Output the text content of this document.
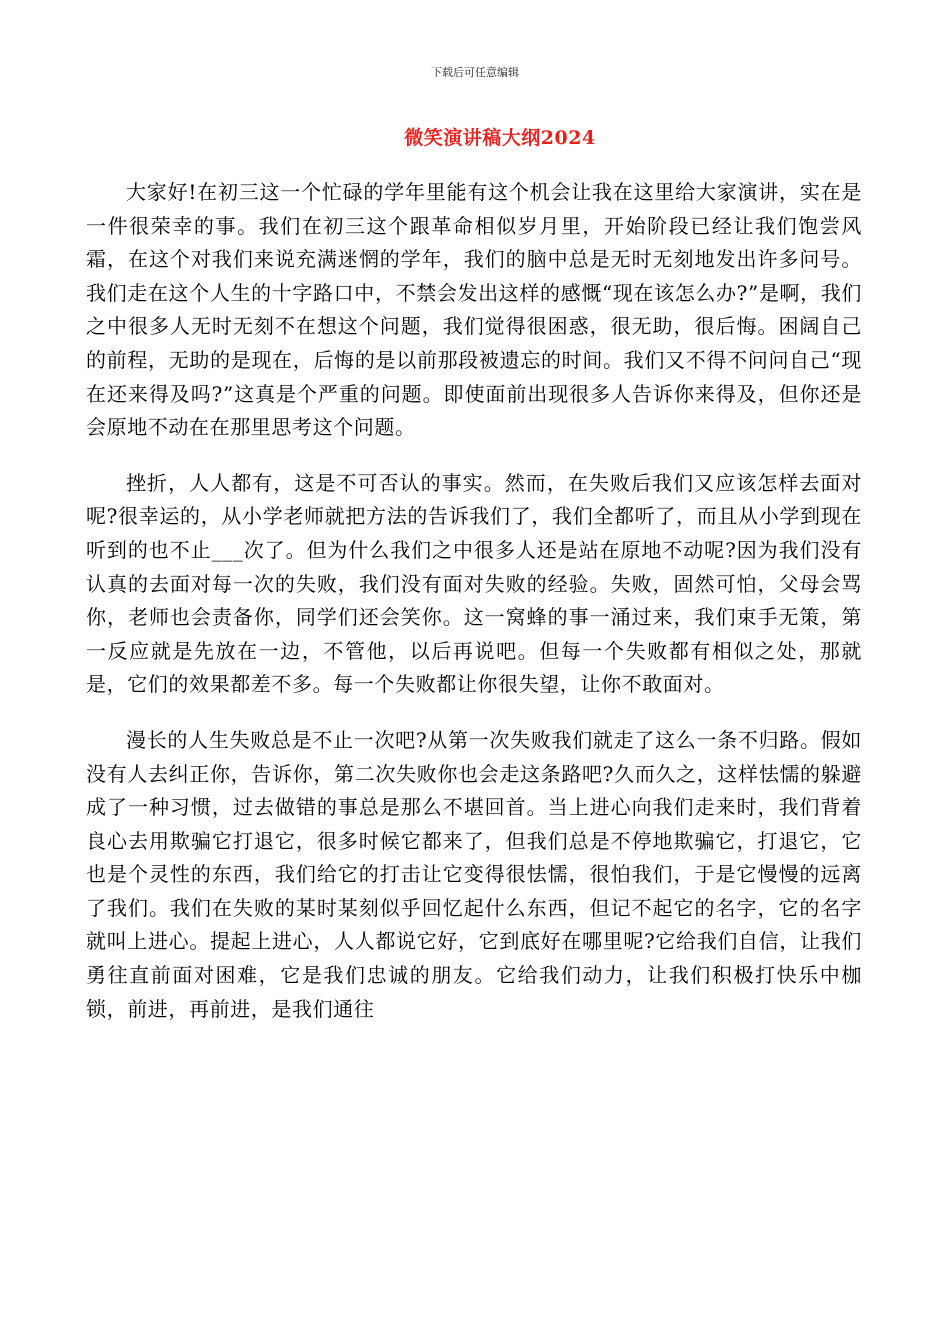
下载后可任意编辑
微笑演讲稿大纲2024

大家好!在初三这一个忙碌的学年里能有这个机会让我在这里给大家演讲，实在是一件很荣幸的事。我们在初三这个跟革命相似岁月里，开始阶段已经让我们饱尝风霜，在这个对我们来说充满迷惘的学年，我们的脑中总是无时无刻地发出许多问号。我们走在这个人生的十字路口中，不禁会发出这样的感慨“现在该怎么办?”是啊，我们之中很多人无时无刻不在想这个问题，我们觉得很困惑，很无助，很后悔。困阔自己的前程，无助的是现在，后悔的是以前那段被遗忘的时间。我们又不得不问问自己“现在还来得及吗?”这真是个严重的问题。即使面前出现很多人告诉你来得及，但你还是会原地不动在在那里思考这个问题。

挫折，人人都有，这是不可否认的事实。然而，在失败后我们又应该怎样去面对呢?很幸运的，从小学老师就把方法的告诉我们了，我们全都听了，而且从小学到现在听到的也不止___次了。但为什么我们之中很多人还是站在原地不动呢?因为我们没有认真的去面对每一次的失败，我们没有面对失败的经验。失败，固然可怕，父母会骂你，老师也会责备你，同学们还会笑你。这一窝蜂的事一涌过来，我们束手无策，第一反应就是先放在一边，不管他，以后再说吧。但每一个失败都有相似之处，那就是，它们的效果都差不多。每一个失败都让你很失望，让你不敢面对。

漫长的人生失败总是不止一次吧?从第一次失败我们就走了这么一条不归路。假如没有人去纠正你，告诉你，第二次失败你也会走这条路吧?久而久之，这样怯懦的躲避成了一种习惯，过去做错的事总是那么不堪回首。当上进心向我们走来时，我们背着良心去用欺骗它打退它，很多时候它都来了，但我们总是不停地欺骗它，打退它，它也是个灵性的东西，我们给它的打击让它变得很怯懦，很怕我们，于是它慢慢的远离了我们。我们在失败的某时某刻似乎回忆起什么东西，但记不起它的名字，它的名字就叫上进心。提起上进心，人人都说它好，它到底好在哪里呢?它给我们自信，让我们勇往直前面对困难，它是我们忠诚的朋友。它给我们动力，让我们积极打快乐中枷锁，前进，再前进，是我们通往
